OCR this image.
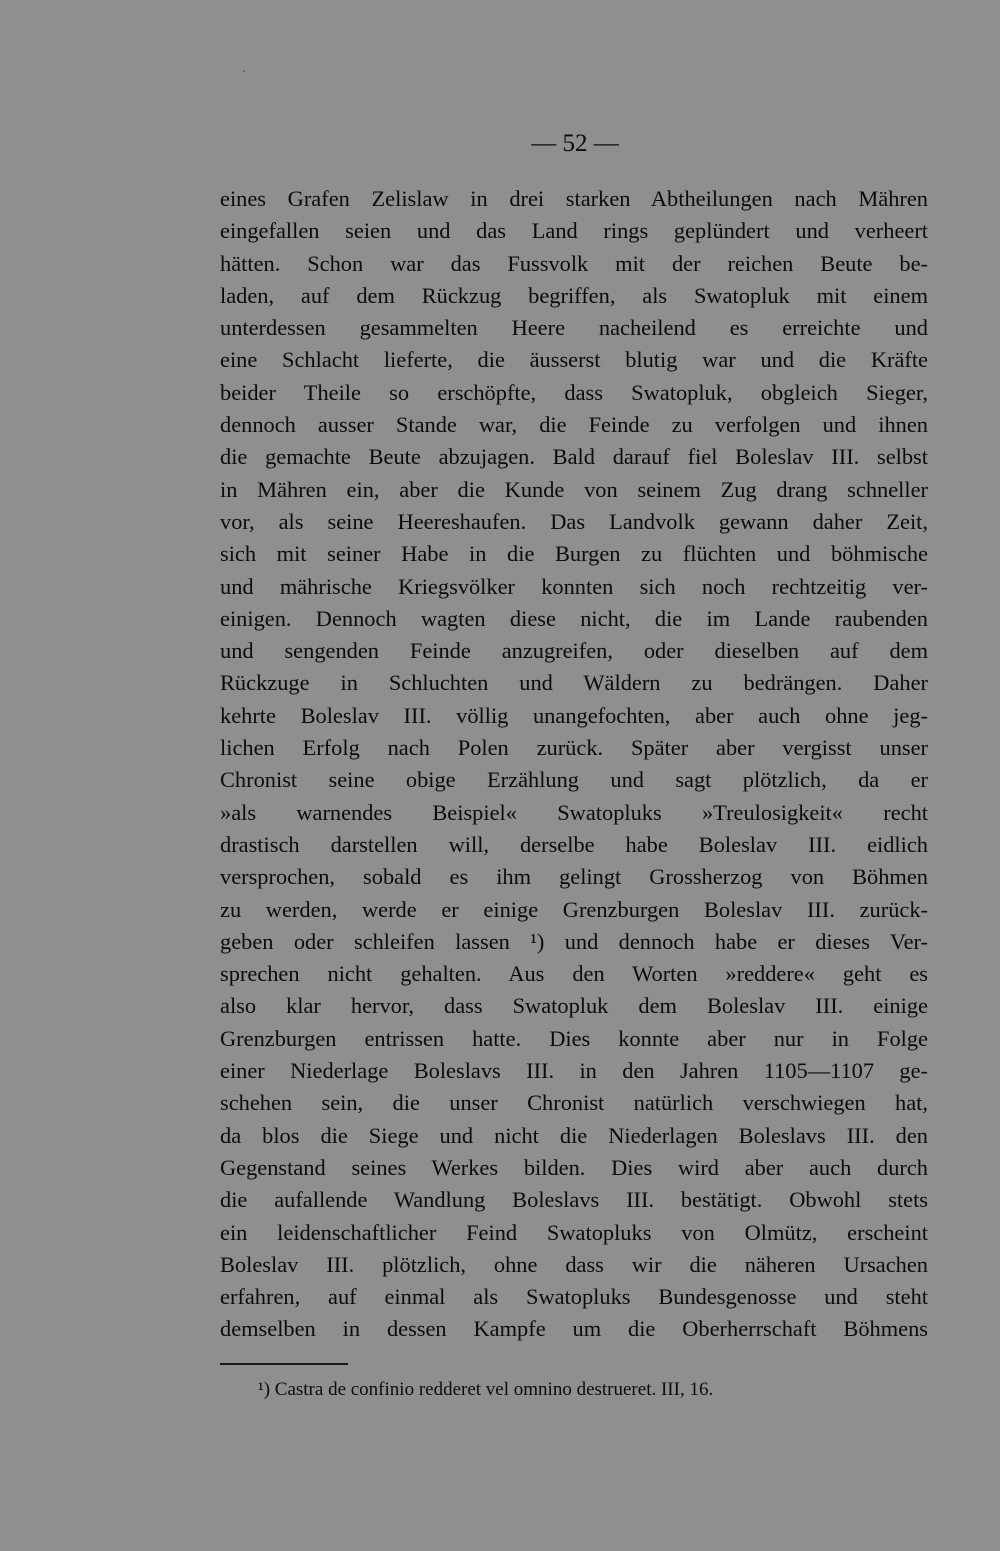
— 52 —
eines Grafen Zelislaw in drei starken Abtheilungen nach Mähren
eingefallen seien und das Land rings geplündert und verheert
hätten. Schon war das Fussvolk mit der reichen Beute be-
laden, auf dem Rückzug begriffen, als Swatopluk mit einem
unterdessen gesammelten Heere nacheilend es erreichte und
eine Schlacht lieferte, die äusserst blutig war und die Kräfte
beider Theile so erschöpfte, dass Swatopluk, obgleich Sieger,
dennoch ausser Stande war, die Feinde zu verfolgen und ihnen
die gemachte Beute abzujagen. Bald darauf fiel Boleslav III. selbst
in Mähren ein, aber die Kunde von seinem Zug drang schneller
vor, als seine Heereshaufen. Das Landvolk gewann daher Zeit,
sich mit seiner Habe in die Burgen zu flüchten und böhmische
und mährische Kriegsvölker konnten sich noch rechtzeitig ver-
einigen. Dennoch wagten diese nicht, die im Lande raubenden
und sengenden Feinde anzugreifen, oder dieselben auf dem
Rückzuge in Schluchten und Wäldern zu bedrängen. Daher
kehrte Boleslav III. völlig unangefochten, aber auch ohne jeg-
lichen Erfolg nach Polen zurück. Später aber vergisst unser
Chronist seine obige Erzählung und sagt plötzlich, da er
»als warnendes Beispiel« Swatopluks »Treulosigkeit« recht
drastisch darstellen will, derselbe habe Boleslav III. eidlich
versprochen, sobald es ihm gelingt Grossherzog von Böhmen
zu werden, werde er einige Grenzburgen Boleslav III. zurück-
geben oder schleifen lassen ¹) und dennoch habe er dieses Ver-
sprechen nicht gehalten. Aus den Worten »reddere« geht es
also klar hervor, dass Swatopluk dem Boleslav III. einige
Grenzburgen entrissen hatte. Dies konnte aber nur in Folge
einer Niederlage Boleslavs III. in den Jahren 1105—1107 ge-
schehen sein, die unser Chronist natürlich verschwiegen hat,
da blos die Siege und nicht die Niederlagen Boleslavs III. den
Gegenstand seines Werkes bilden. Dies wird aber auch durch
die aufallende Wandlung Boleslavs III. bestätigt. Obwohl stets
ein leidenschaftlicher Feind Swatopluks von Olmütz, erscheint
Boleslav III. plötzlich, ohne dass wir die näheren Ursachen
erfahren, auf einmal als Swatopluks Bundesgenosse und steht
demselben in dessen Kampfe um die Oberherrschaft Böhmens
¹) Castra de confinio redderet vel omnino destrueret. III, 16.
